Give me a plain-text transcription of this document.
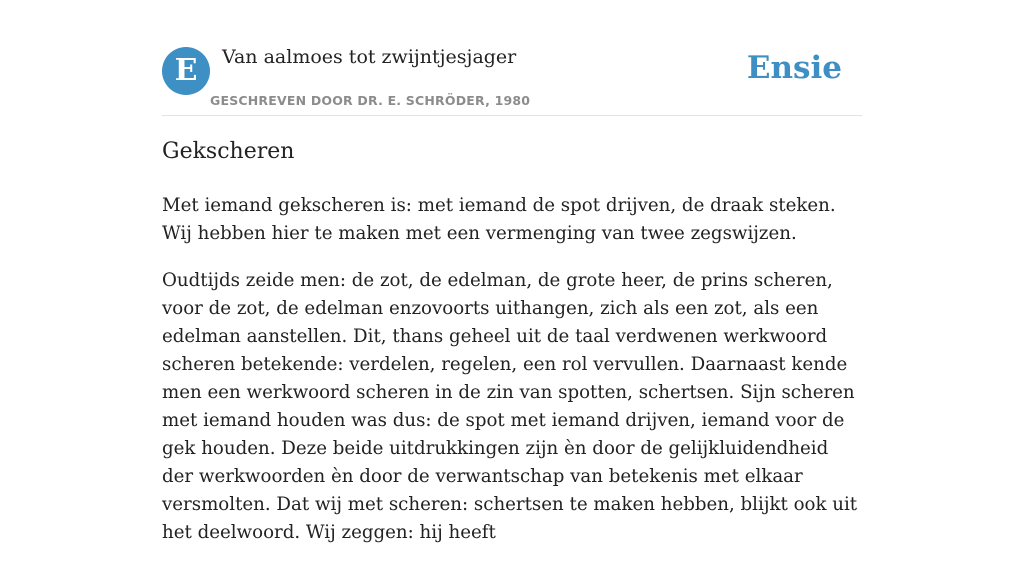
E	Van aalmoes tot zwijntjesjager
GESCHREVEN DOOR DR. E. SCHRÖDER, 1980
Ensie
Gekscheren

Met iemand gekscheren is: met iemand de spot drijven, de draak steken. Wij hebben hier te maken met een vermenging van twee zegswijzen.

Oudtijds zeide men: de zot, de edelman, de grote heer, de prins scheren, voor de zot, de edelman enzovoorts uithangen, zich als een zot, als een edelman aanstellen. Dit, thans geheel uit de taal verdwenen werkwoord scheren betekende: verdelen, regelen, een rol vervullen. Daarnaast kende men een werkwoord scheren in de zin van spotten, schertsen. Sijn scheren met iemand houden was dus: de spot met iemand drijven, iemand voor de gek houden. Deze beide uitdrukkingen zijn èn door de gelijkluidendheid der werkwoorden èn door de verwantschap van betekenis met elkaar versmolten. Dat wij met scheren: schertsen te maken hebben, blijkt ook uit het deelwoord. Wij zeggen: hij heeft
